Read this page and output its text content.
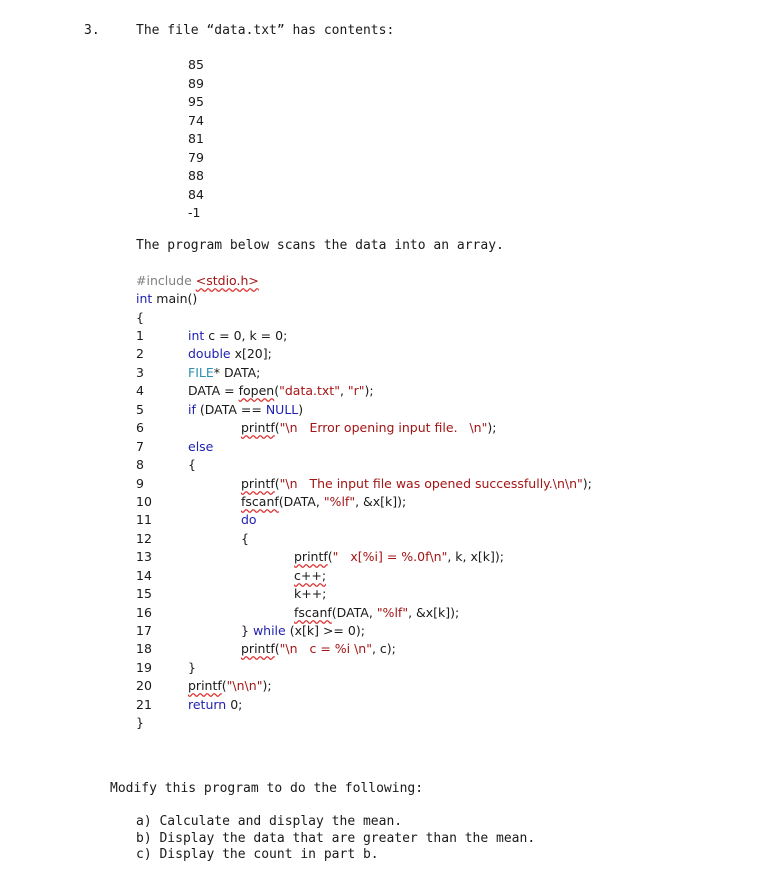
3.	The file “data.txt” has contents:
85
89
95
74
81
79
88
84
-1
The program below scans the data into an array.
#include <stdio.h>
int main()
{
1	int c = 0, k = 0;
2	double x[20];
3	FILE* DATA;
4	DATA = fopen("data.txt", "r");
5	if (DATA == NULL)
6	printf("\n   Error opening input file.   \n");
7	else
8	{
9	printf("\n   The input file was opened successfully.\n\n");
10	fscanf(DATA, "%lf", &x[k]);
11	do
12	{
13	printf("   x[%i] = %.0f\n", k, x[k]);
14	c++;
15	k++;
16	fscanf(DATA, "%lf", &x[k]);
17	} while (x[k] >= 0);
18	printf("\n   c = %i \n", c);
19	}
20	printf("\n\n");
21	return 0;
}
Modify this program to do the following:
a) Calculate and display the mean.
b) Display the data that are greater than the mean.
c) Display the count in part b.
